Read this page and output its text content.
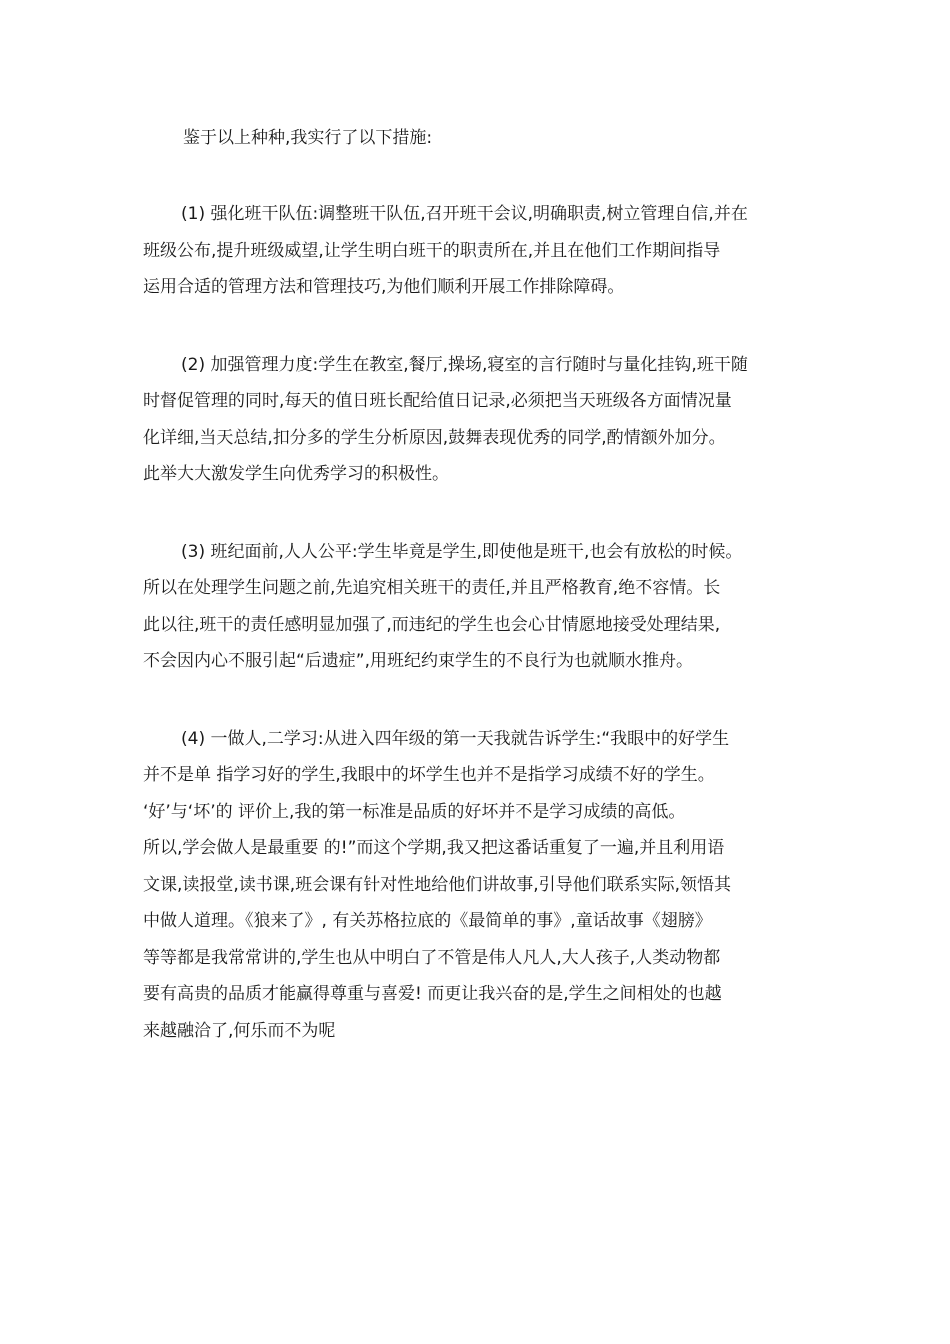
鉴于以上种种,我实行了以下措施:

(1) 强化班干队伍:调整班干队伍,召开班干会议,明确职责,树立管理自信,并在
班级公布,提升班级威望,让学生明白班干的职责所在,并且在他们工作期间指导
运用合适的管理方法和管理技巧,为他们顺利开展工作排除障碍。
(2) 加强管理力度:学生在教室,餐厅,操场,寝室的言行随时与量化挂钩,班干随
时督促管理的同时,每天的值日班长配给值日记录,必须把当天班级各方面情况量
化详细,当天总结,扣分多的学生分析原因,鼓舞表现优秀的同学,酌情额外加分。
此举大大激发学生向优秀学习的积极性。
(3) 班纪面前,人人公平:学生毕竟是学生,即使他是班干,也会有放松的时候。
所以在处理学生问题之前,先追究相关班干的责任,并且严格教育,绝不容情。长
此以往,班干的责任感明显加强了,而违纪的学生也会心甘情愿地接受处理结果,
不会因内心不服引起“后遗症”,用班纪约束学生的不良行为也就顺水推舟。
(4) 一做人,二学习:从进入四年级的第一天我就告诉学生:“我眼中的好学生
并不是单 指学习好的学生,我眼中的坏学生也并不是指学习成绩不好的学生。
‘好’与‘坏’的 评价上,我的第一标准是品质的好坏并不是学习成绩的高低。
所以,学会做人是最重要 的!”而这个学期,我又把这番话重复了一遍,并且利用语
文课,读报堂,读书课,班会课有针对性地给他们讲故事,引导他们联系实际,领悟其
中做人道理。《狼来了》, 有关苏格拉底的《最简单的事》,童话故事《翅膀》
等等都是我常常讲的,学生也从中明白了不管是伟人凡人,大人孩子,人类动物都
要有高贵的品质才能赢得尊重与喜爱! 而更让我兴奋的是,学生之间相处的也越
来越融洽了,何乐而不为呢
